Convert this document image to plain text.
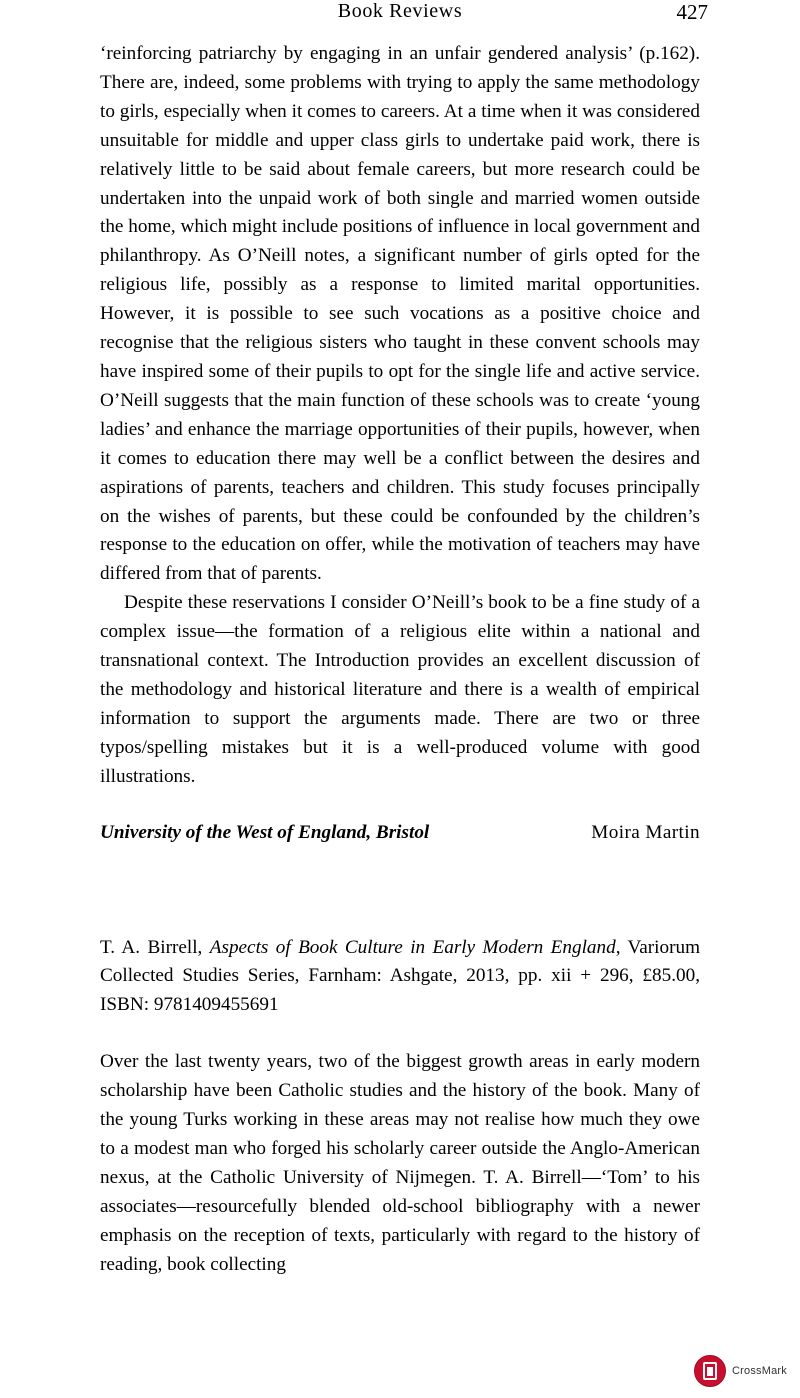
Book Reviews	427

‘reinforcing patriarchy by engaging in an unfair gendered analysis’ (p.162). There are, indeed, some problems with trying to apply the same methodology to girls, especially when it comes to careers. At a time when it was considered unsuitable for middle and upper class girls to undertake paid work, there is relatively little to be said about female careers, but more research could be undertaken into the unpaid work of both single and married women outside the home, which might include positions of influence in local government and philanthropy. As O’Neill notes, a significant number of girls opted for the religious life, possibly as a response to limited marital opportunities. However, it is possible to see such vocations as a positive choice and recognise that the religious sisters who taught in these convent schools may have inspired some of their pupils to opt for the single life and active service. O’Neill suggests that the main function of these schools was to create ‘young ladies’ and enhance the marriage opportunities of their pupils, however, when it comes to education there may well be a conflict between the desires and aspirations of parents, teachers and children. This study focuses principally on the wishes of parents, but these could be confounded by the children’s response to the education on offer, while the motivation of teachers may have differed from that of parents.

Despite these reservations I consider O’Neill’s book to be a fine study of a complex issue—the formation of a religious elite within a national and transnational context. The Introduction provides an excellent discussion of the methodology and historical literature and there is a wealth of empirical information to support the arguments made. There are two or three typos/spelling mistakes but it is a well-produced volume with good illustrations.

University of the West of England, Bristol	Moira Martin

T. A. Birrell, Aspects of Book Culture in Early Modern England, Variorum Collected Studies Series, Farnham: Ashgate, 2013, pp. xii + 296, £85.00, ISBN: 9781409455691

Over the last twenty years, two of the biggest growth areas in early modern scholarship have been Catholic studies and the history of the book. Many of the young Turks working in these areas may not realise how much they owe to a modest man who forged his scholarly career outside the Anglo-American nexus, at the Catholic University of Nijmegen. T. A. Birrell—‘Tom’ to his associates—resourcefully blended old-school bibliography with a newer emphasis on the reception of texts, particularly with regard to the history of reading, book collecting

CrossMark
